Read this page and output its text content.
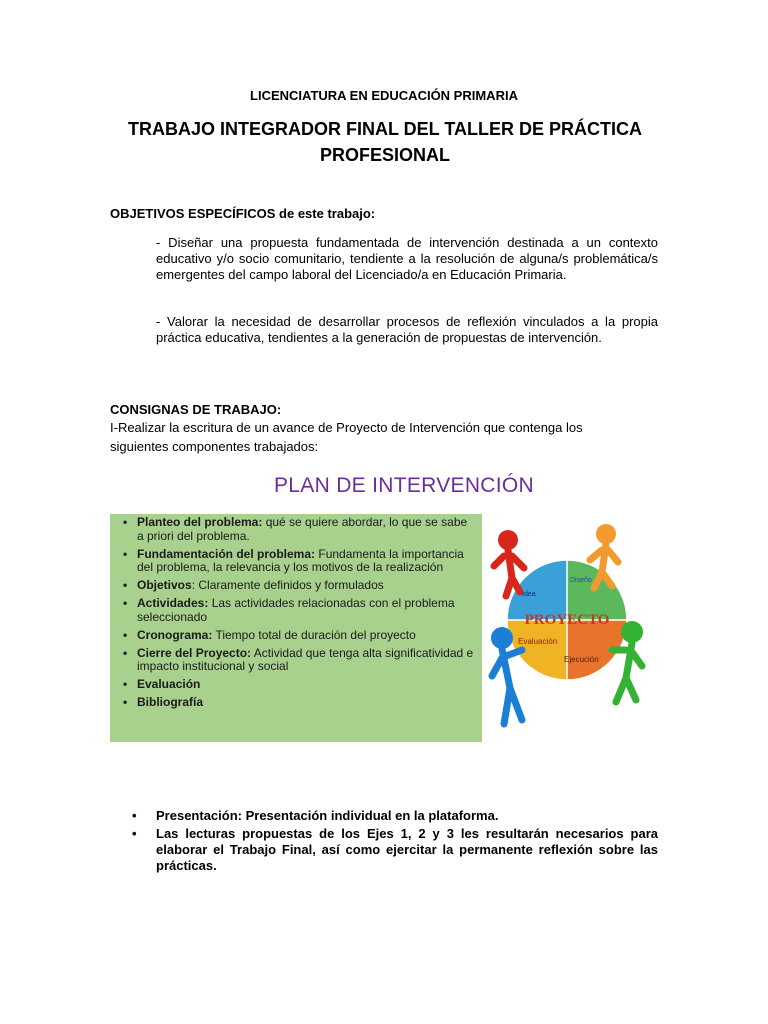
LICENCIATURA EN EDUCACIÓN PRIMARIA
TRABAJO INTEGRADOR FINAL DEL TALLER DE PRÁCTICA PROFESIONAL
OBJETIVOS ESPECÍFICOS de este trabajo:
- Diseñar una propuesta fundamentada de intervención destinada a un contexto educativo y/o socio comunitario, tendiente a la resolución de alguna/s problemática/s emergentes del campo laboral del Licenciado/a en Educación Primaria.
- Valorar la necesidad de desarrollar procesos de reflexión vinculados a la propia práctica educativa, tendientes a la generación de propuestas de intervención.
CONSIGNAS DE TRABAJO:
I-Realizar la escritura de un avance de Proyecto de Intervención que contenga los siguientes componentes trabajados:
PLAN DE INTERVENCIÓN
• Planteo del problema: qué se quiere abordar, lo que se sabe a priori del problema.
• Fundamentación del problema: Fundamenta la importancia del problema, la relevancia y los motivos de la realización
• Objetivos: Claramente definidos y formulados
• Actividades: Las actividades relacionadas con el problema seleccionado
• Cronograma: Tiempo total de duración del proyecto
• Cierre del Proyecto: Actividad que tenga alta significatividad e impacto institucional y social
• Evaluación
• Bibliografía
PROYECTO
Idea
Diseño
Evaluación
Ejecución
• Presentación: Presentación individual en la plataforma.
• Las lecturas propuestas de los Ejes 1, 2 y 3 les resultarán necesarios para elaborar el Trabajo Final, así como ejercitar la permanente reflexión sobre las prácticas.
